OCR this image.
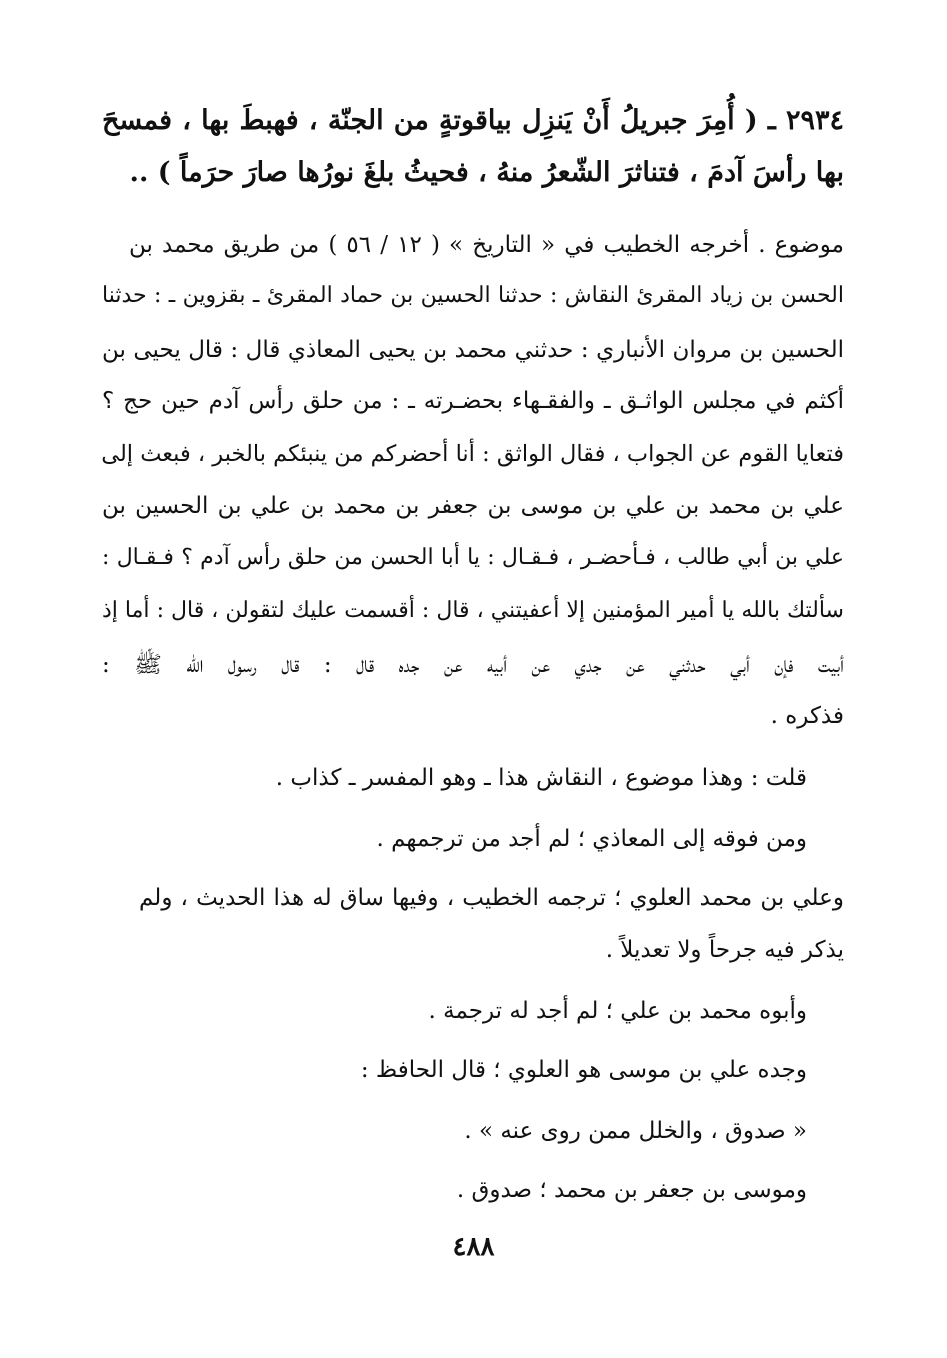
٢٩٣٤ ـ ( أُمِرَ جبريلُ أَنْ يَنزِل بياقوتةٍ من الجنّة ، فهبطَ بها ، فمسحَ
بها رأسَ آدمَ ، فتناثرَ الشّعرُ منهُ ، فحيثُ بلغَ نورُها صارَ حرَماً ) ..
موضوع . أخرجه الخطيب في « التاريخ » ( ١٢ / ٥٦ ) من طريق محمد بن
الحسن بن زياد المقرئ النقاش : حدثنا الحسين بن حماد المقرئ ـ بقزوين ـ : حدثنا
الحسين بن مروان الأنباري : حدثني محمد بن يحيى المعاذي قال : قال يحيى بن
أكثم في مجلس الواثـق ـ والفقـهاء بحضـرته ـ : من حلق رأس آدم حين حج ؟
فتعايا القوم عن الجواب ، فقال الواثق : أنا أحضركم من ينبئكم بالخبر ، فبعث إلى
علي بن محمد بن علي بن موسى بن جعفر بن محمد بن علي بن الحسين بن
علي بن أبي طالب ، فـأحضـر ، فـقـال : يا أبا الحسن من حلق رأس آدم ؟ فـقـال :
سألتك بالله يا أمير المؤمنين إلا أعفيتني ، قال : أقسمت عليك لتقولن ، قال : أما إذ
أبيت فإن أبي حدثني عن جدي عن أبيه عن جده قال : قال رسول الله ﷺ :
فذكره .
قلت : وهذا موضوع ، النقاش هذا ـ وهو المفسر ـ كذاب .
ومن فوقه إلى المعاذي ؛ لم أجد من ترجمهم .
وعلي بن محمد العلوي ؛ ترجمه الخطيب ، وفيها ساق له هذا الحديث ، ولم
يذكر فيه جرحاً ولا تعديلاً .
وأبوه محمد بن علي ؛ لم أجد له ترجمة .
وجده علي بن موسى هو العلوي ؛ قال الحافظ :
« صدوق ، والخلل ممن روى عنه » .
وموسى بن جعفر بن محمد ؛ صدوق .
٤٨٨
